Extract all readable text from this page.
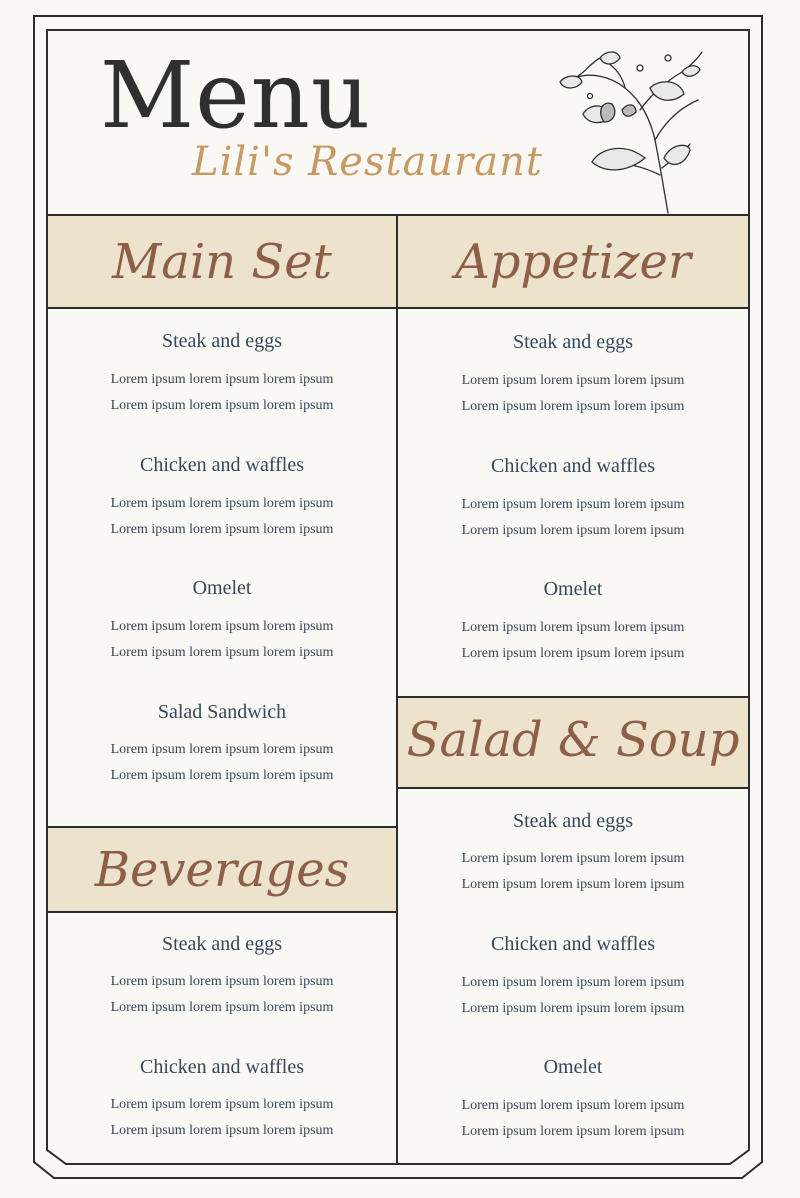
Menu
Lili's Restaurant
Main Set
Steak and eggs
Lorem ipsum lorem ipsum lorem ipsum
Lorem ipsum lorem ipsum lorem ipsum
Chicken and waffles
Lorem ipsum lorem ipsum lorem ipsum
Lorem ipsum lorem ipsum lorem ipsum
Omelet
Lorem ipsum lorem ipsum lorem ipsum
Lorem ipsum lorem ipsum lorem ipsum
Salad Sandwich
Lorem ipsum lorem ipsum lorem ipsum
Lorem ipsum lorem ipsum lorem ipsum
Appetizer
Steak and eggs
Lorem ipsum lorem ipsum lorem ipsum
Lorem ipsum lorem ipsum lorem ipsum
Chicken and waffles
Lorem ipsum lorem ipsum lorem ipsum
Lorem ipsum lorem ipsum lorem ipsum
Omelet
Lorem ipsum lorem ipsum lorem ipsum
Lorem ipsum lorem ipsum lorem ipsum
Salad & Soup
Steak and eggs
Lorem ipsum lorem ipsum lorem ipsum
Lorem ipsum lorem ipsum lorem ipsum
Chicken and waffles
Lorem ipsum lorem ipsum lorem ipsum
Lorem ipsum lorem ipsum lorem ipsum
Omelet
Lorem ipsum lorem ipsum lorem ipsum
Lorem ipsum lorem ipsum lorem ipsum
Beverages
Steak and eggs
Lorem ipsum lorem ipsum lorem ipsum
Lorem ipsum lorem ipsum lorem ipsum
Chicken and waffles
Lorem ipsum lorem ipsum lorem ipsum
Lorem ipsum lorem ipsum lorem ipsum
